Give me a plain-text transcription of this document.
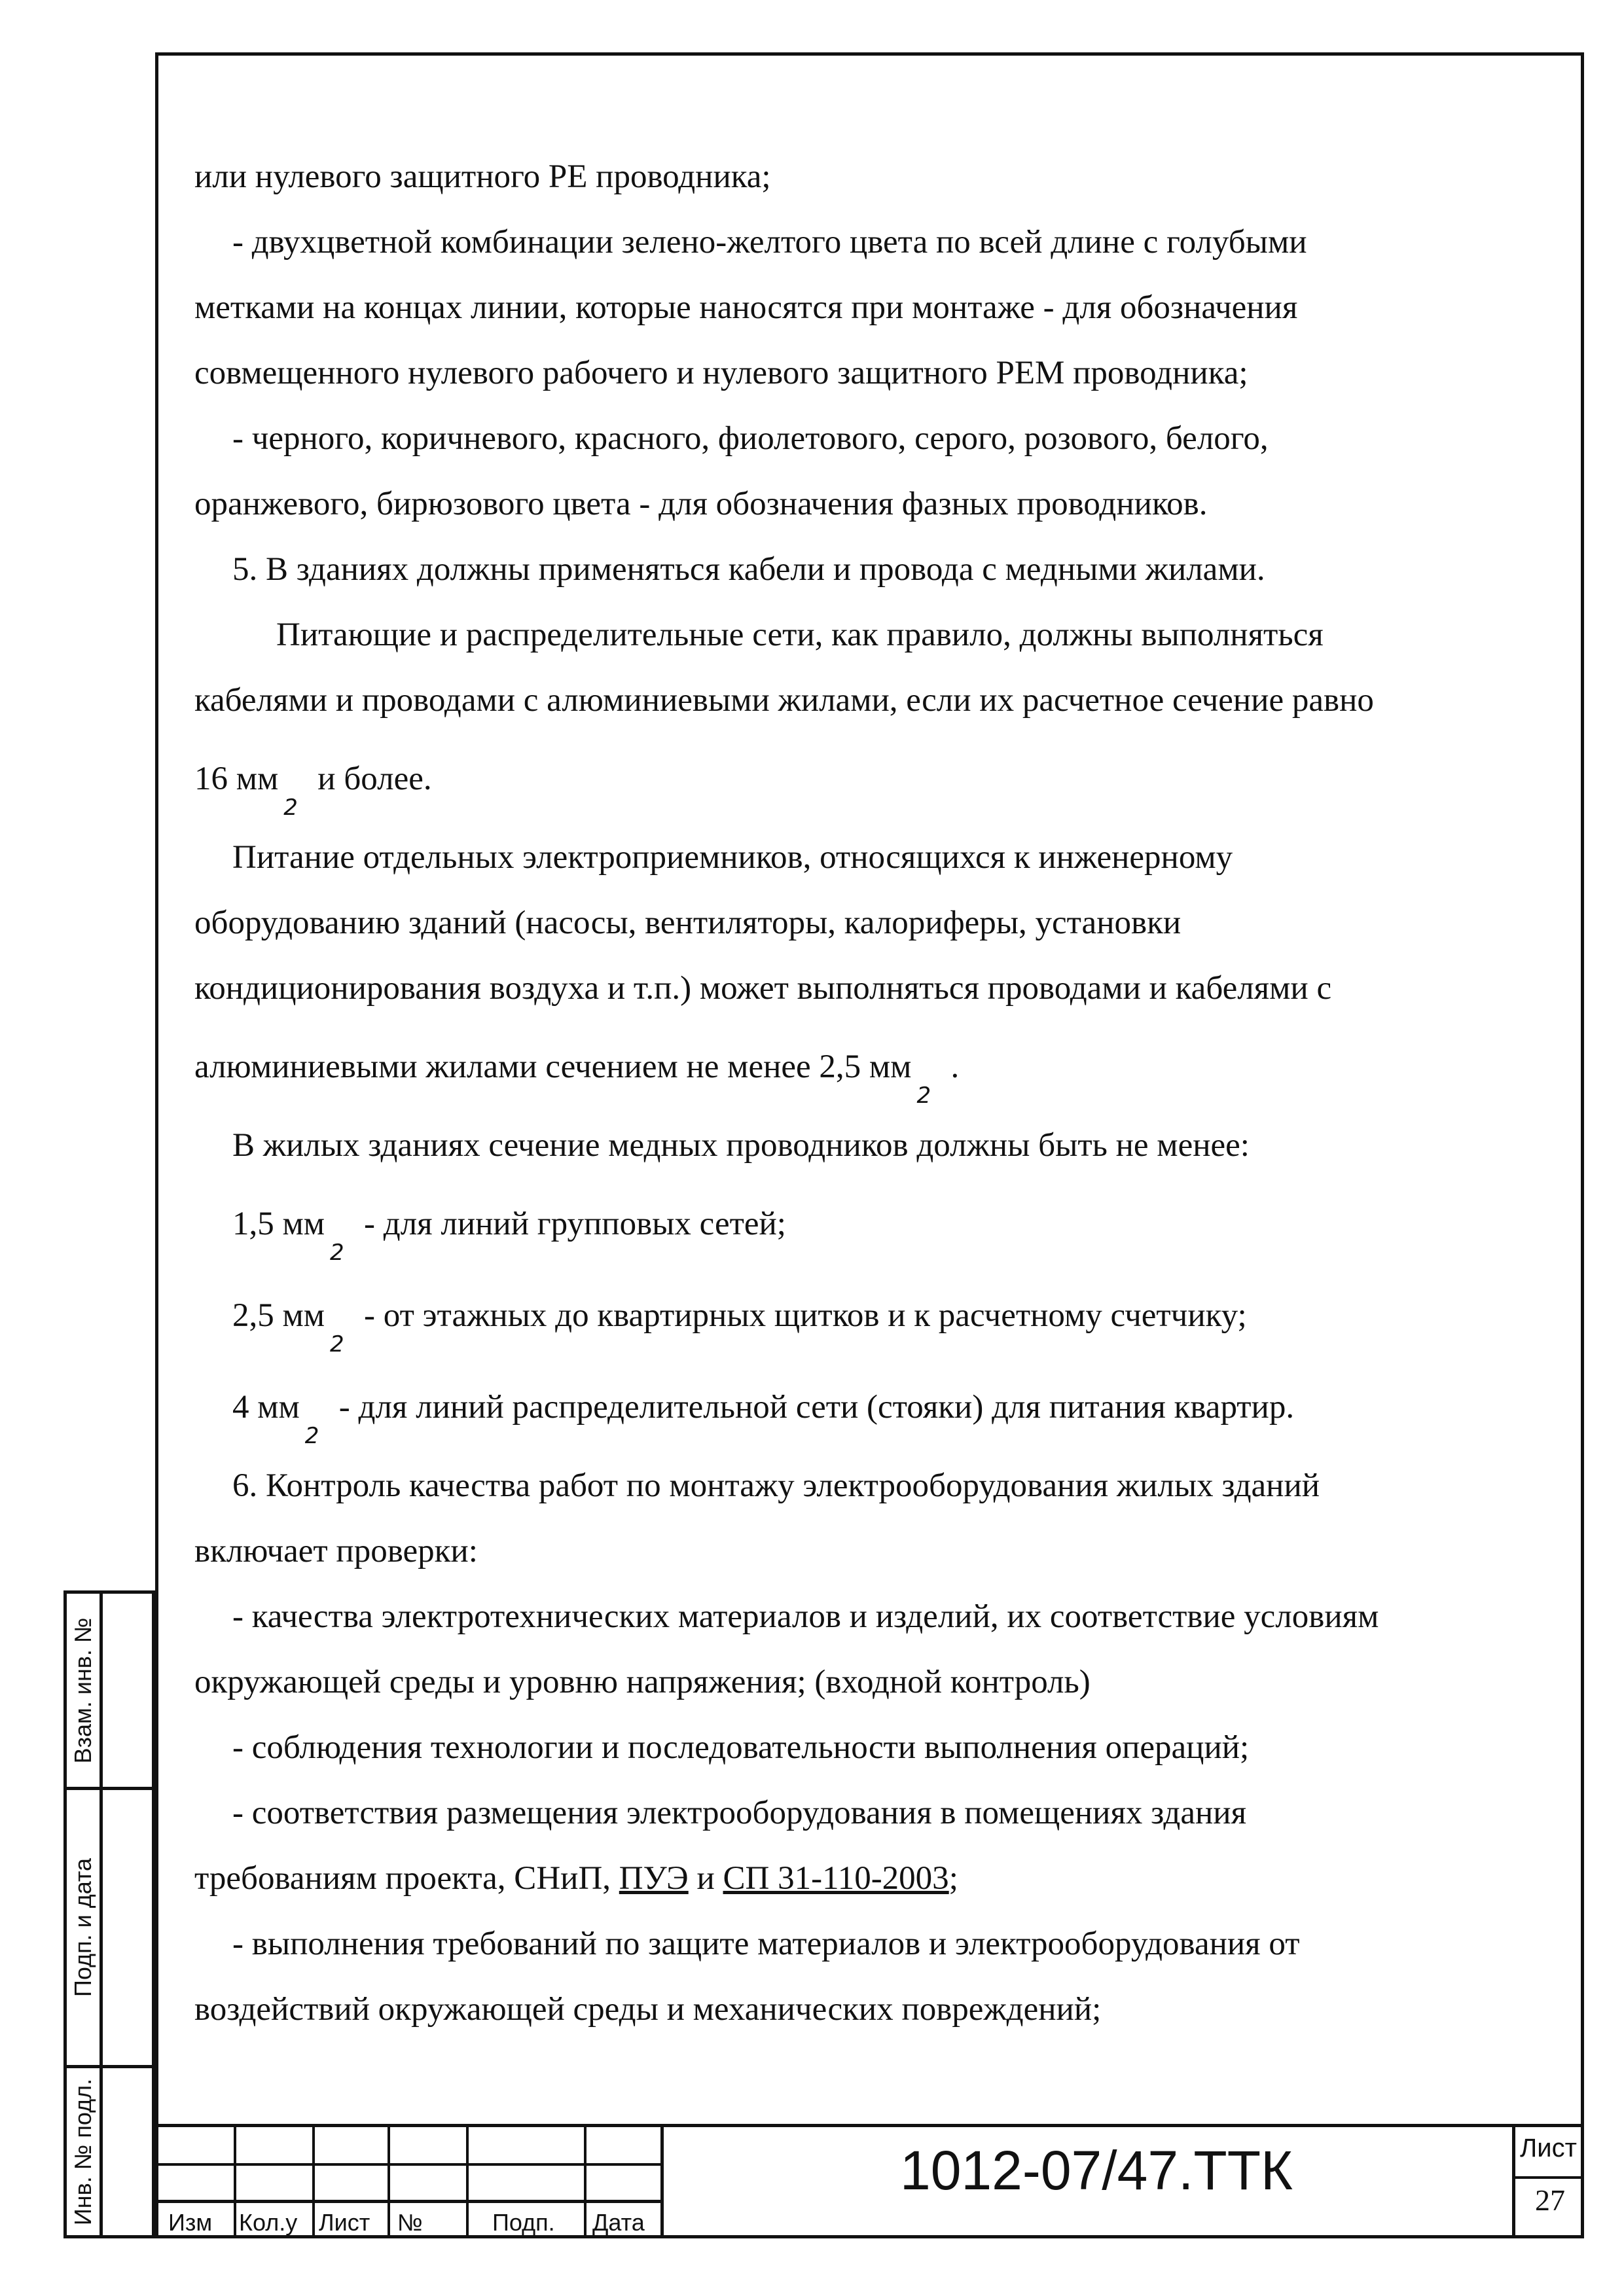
или нулевого защитного PE проводника;
- двухцветной комбинации зелено-желтого цвета по всей длине с голубыми
метками на концах линии, которые наносятся при монтаже - для обозначения
совмещенного нулевого рабочего и нулевого защитного PEM проводника;
- черного, коричневого, красного, фиолетового, серого, розового, белого,
оранжевого, бирюзового цвета - для обозначения фазных проводников.
5. В зданиях должны применяться кабели и провода с медными жилами.
Питающие и распределительные сети, как правило, должны выполняться
кабелями и проводами с алюминиевыми жилами, если их расчетное сечение равно
16 мм
2
и более.
Питание отдельных электроприемников, относящихся к инженерному
оборудованию зданий (насосы, вентиляторы, калориферы, установки
кондиционирования воздуха и т.п.) может выполняться проводами и кабелями с
алюминиевыми жилами сечением не менее 2,5 мм
2
.
В жилых зданиях сечение медных проводников должны быть не менее:
1,5 мм
2
- для линий групповых сетей;
2,5 мм
2
- от этажных до квартирных щитков и к расчетному счетчику;
4 мм
2
- для линий распределительной сети (стояки) для питания квартир.
6. Контроль качества работ по монтажу электрооборудования жилых зданий
включает проверки:
- качества электротехнических материалов и изделий, их соответствие условиям
окружающей среды и уровню напряжения; (входной контроль)
- соблюдения технологии и последовательности выполнения операций;
- соответствия размещения электрооборудования в помещениях здания
требованиям проекта, СНиП, ПУЭ и СП 31-110-2003;
- выполнения требований по защите материалов и электрооборудования от
воздействий окружающей среды и механических повреждений;
Взам. инв. №
Подп. и дата
Инв. № подл.	Изм Кол.у Лист №	Подп. Дата
1012-07/47.ТТК	Лист
27
